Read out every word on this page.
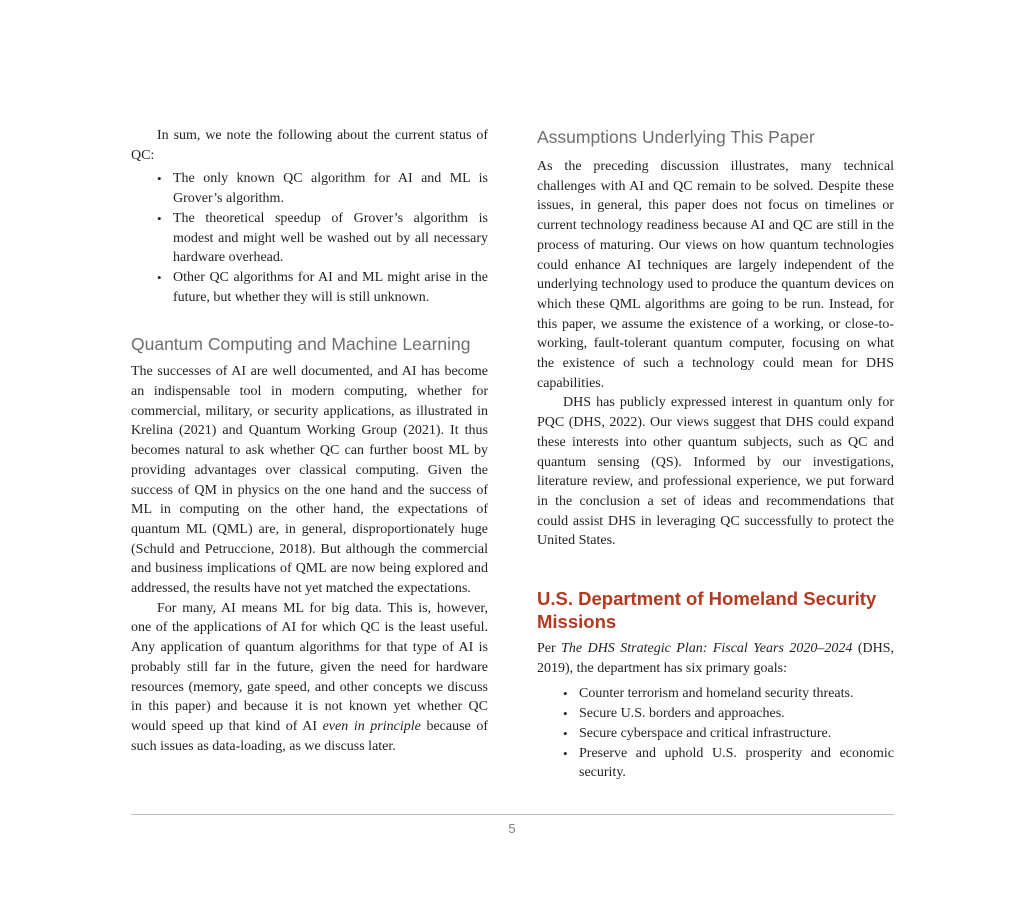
In sum, we note the following about the current status of QC:

• The only known QC algorithm for AI and ML is Grover’s algorithm.
• The theoretical speedup of Grover’s algorithm is modest and might well be washed out by all necessary hardware overhead.
• Other QC algorithms for AI and ML might arise in the future, but whether they will is still unknown.
Quantum Computing and Machine Learning

The successes of AI are well documented, and AI has become an indispensable tool in modern computing, whether for commercial, military, or security applications, as illustrated in Krelina (2021) and Quantum Working Group (2021). It thus becomes natural to ask whether QC can further boost ML by providing advantages over classical computing. Given the success of QM in physics on the one hand and the success of ML in computing on the other hand, the expectations of quantum ML (QML) are, in general, disproportionately huge (Schuld and Petruccione, 2018). But although the commercial and business implications of QML are now being explored and addressed, the results have not yet matched the expectations.

For many, AI means ML for big data. This is, however, one of the applications of AI for which QC is the least useful. Any application of quantum algorithms for that type of AI is probably still far in the future, given the need for hardware resources (memory, gate speed, and other concepts we discuss in this paper) and because it is not known yet whether QC would speed up that kind of AI even in principle because of such issues as data-loading, as we discuss later.

Assumptions Underlying This Paper

As the preceding discussion illustrates, many technical challenges with AI and QC remain to be solved. Despite these issues, in general, this paper does not focus on timelines or current technology readiness because AI and QC are still in the process of maturing. Our views on how quantum technologies could enhance AI techniques are largely independent of the underlying technology used to produce the quantum devices on which these QML algorithms are going to be run. Instead, for this paper, we assume the existence of a working, or close-to-working, fault-tolerant quantum computer, focusing on what the existence of such a technology could mean for DHS capabilities.

DHS has publicly expressed interest in quantum only for PQC (DHS, 2022). Our views suggest that DHS could expand these interests into other quantum subjects, such as QC and quantum sensing (QS). Informed by our investigations, literature review, and professional experience, we put forward in the conclusion a set of ideas and recommendations that could assist DHS in leveraging QC successfully to protect the United States.

U.S. Department of Homeland Security Missions

Per The DHS Strategic Plan: Fiscal Years 2020–2024 (DHS, 2019), the department has six primary goals:

• Counter terrorism and homeland security threats.
• Secure U.S. borders and approaches.
• Secure cyberspace and critical infrastructure.
• Preserve and uphold U.S. prosperity and economic security.
5
